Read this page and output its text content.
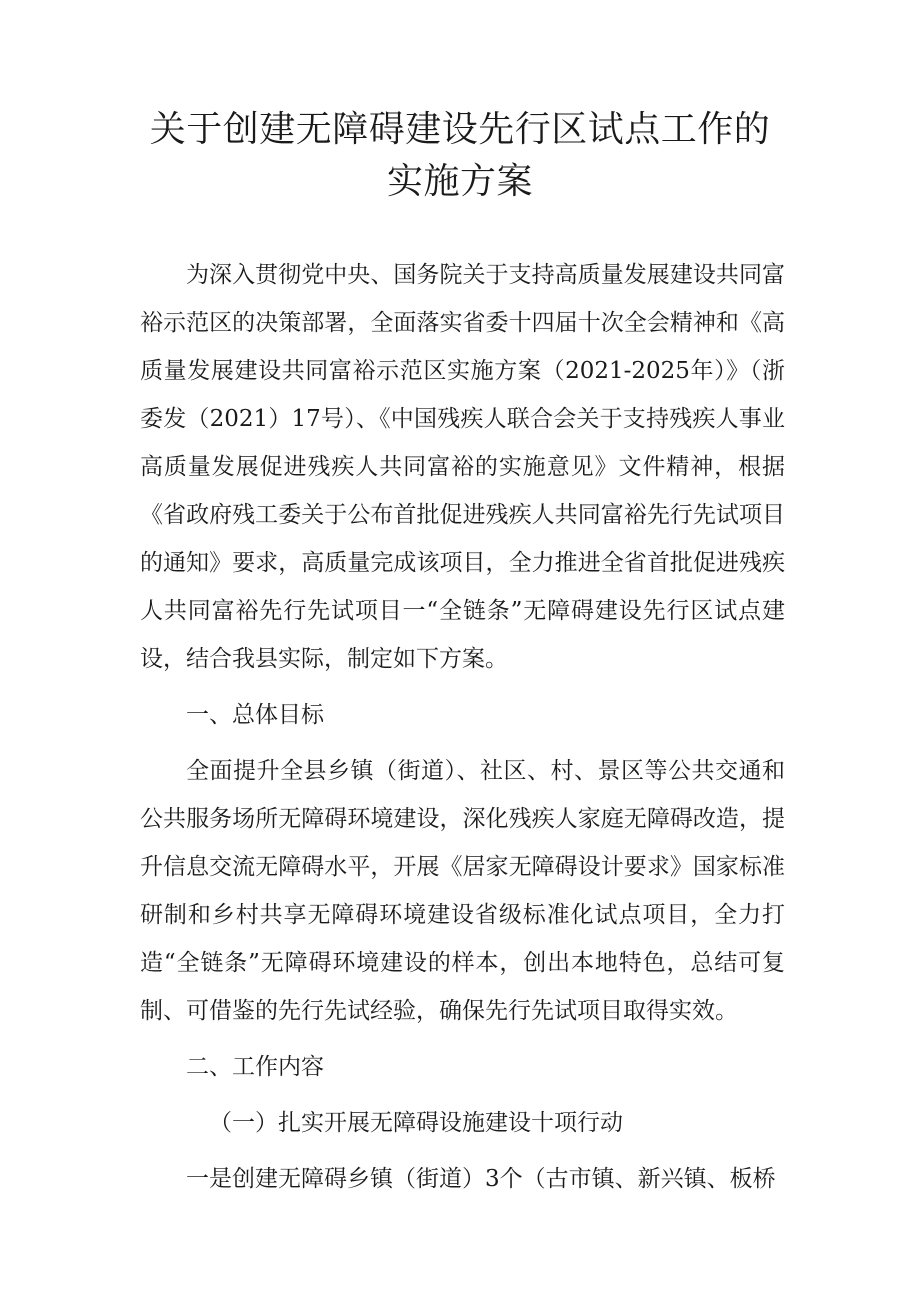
关于创建无障碍建设先行区试点工作的实施方案

为深入贯彻党中央、国务院关于支持高质量发展建设共同富裕示范区的决策部署，全面落实省委十四届十次全会精神和《高质量发展建设共同富裕示范区实施方案（2021-2025年）》（浙委发（2021）17号）、《中国残疾人联合会关于支持残疾人事业高质量发展促进残疾人共同富裕的实施意见》文件精神，根据《省政府残工委关于公布首批促进残疾人共同富裕先行先试项目的通知》要求，高质量完成该项目，全力推进全省首批促进残疾人共同富裕先行先试项目一“全链条”无障碍建设先行区试点建设，结合我县实际，制定如下方案。

一、总体目标

全面提升全县乡镇（街道）、社区、村、景区等公共交通和公共服务场所无障碍环境建设，深化残疾人家庭无障碍改造，提升信息交流无障碍水平，开展《居家无障碍设计要求》国家标准研制和乡村共享无障碍环境建设省级标准化试点项目，全力打造“全链条”无障碍环境建设的样本，创出本地特色，总结可复制、可借鉴的先行先试经验，确保先行先试项目取得实效。

二、工作内容

（一）扎实开展无障碍设施建设十项行动

一是创建无障碍乡镇（街道）3个（古市镇、新兴镇、板桥
